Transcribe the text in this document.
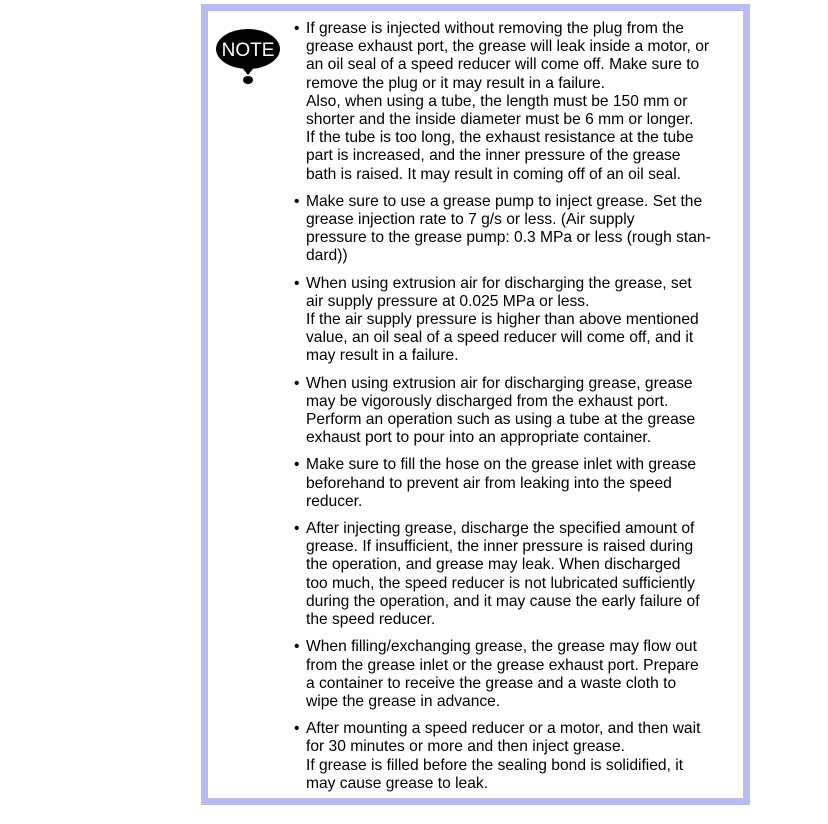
NOTE
• If grease is injected without removing the plug from the
grease exhaust port, the grease will leak inside a motor, or
an oil seal of a speed reducer will come off. Make sure to
remove the plug or it may result in a failure.
Also, when using a tube, the length must be 150 mm or
shorter and the inside diameter must be 6 mm or longer.
If the tube is too long, the exhaust resistance at the tube
part is increased, and the inner pressure of the grease
bath is raised. It may result in coming off of an oil seal.
• Make sure to use a grease pump to inject grease. Set the
grease injection rate to 7 g/s or less. (Air supply
pressure to the grease pump: 0.3 MPa or less (rough stan-
dard))
• When using extrusion air for discharging the grease, set
air supply pressure at 0.025 MPa or less.
If the air supply pressure is higher than above mentioned
value, an oil seal of a speed reducer will come off, and it
may result in a failure.
• When using extrusion air for discharging grease, grease
may be vigorously discharged from the exhaust port.
Perform an operation such as using a tube at the grease
exhaust port to pour into an appropriate container.
• Make sure to fill the hose on the grease inlet with grease
beforehand to prevent air from leaking into the speed
reducer.
• After injecting grease, discharge the specified amount of
grease. If insufficient, the inner pressure is raised during
the operation, and grease may leak. When discharged
too much, the speed reducer is not lubricated sufficiently
during the operation, and it may cause the early failure of
the speed reducer.
• When filling/exchanging grease, the grease may flow out
from the grease inlet or the grease exhaust port. Prepare
a container to receive the grease and a waste cloth to
wipe the grease in advance.
• After mounting a speed reducer or a motor, and then wait
for 30 minutes or more and then inject grease.
If grease is filled before the sealing bond is solidified, it
may cause grease to leak.
